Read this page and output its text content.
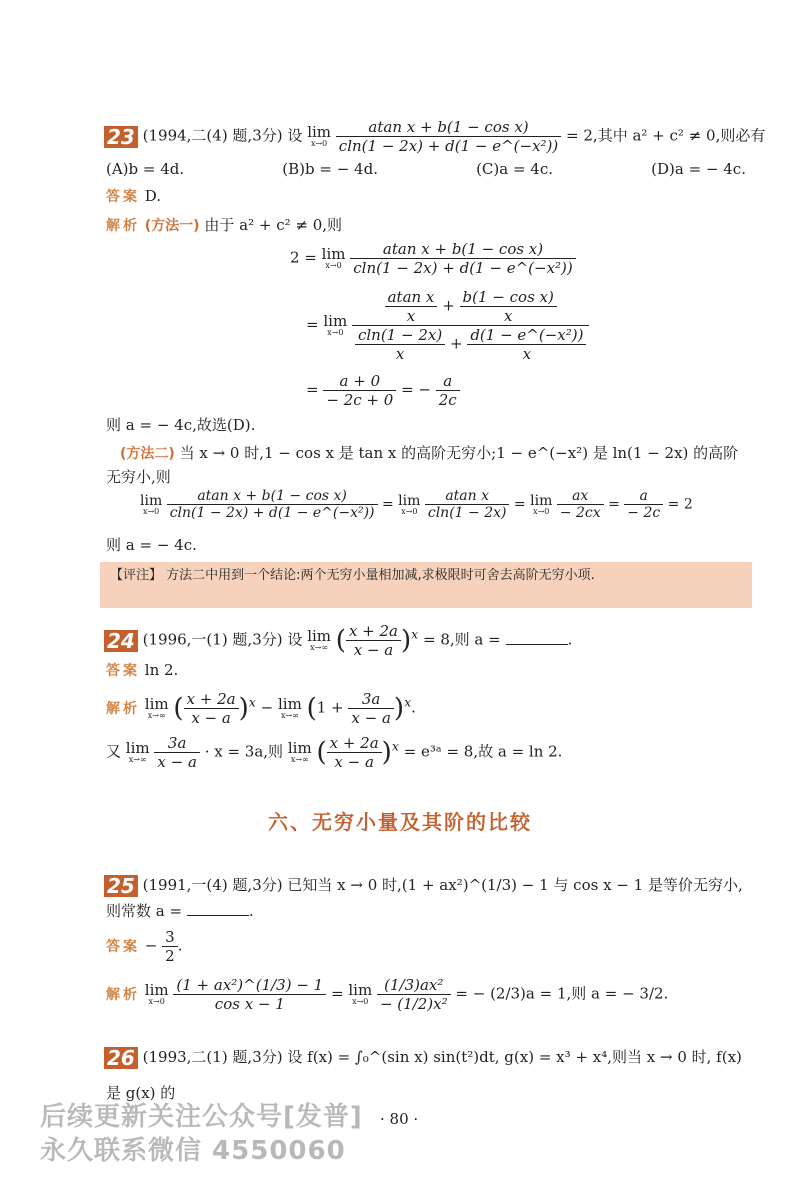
23 (1994,二(4) 题,3分) 设 lim
x→0
$\frac{\text{atan x + b(1 − cos x)}}{\text{cln(1 − 2x) + d(1 − e\textasciicircum{}(−x²))}} = 2$,其中 a² + c² ≠ 0,则必有
(A)b = 4d.	(B)b = − 4d.	(C)a = 4c.	(D)a = − 4c.
答案 D.
解析 (方法一) 由于 a² + c² ≠ 0,则
2 = lim
x→0
$\frac{\text{atan x + b(1 − cos x)}}{\text{cln(1 − 2x) + d(1 − e\textasciicircum{}(−x²))}}$
= lim
x→0
$\frac{\frac{\text{atan x}}{x} + \frac{\text{b(1 − cos x)}}{x}}{\frac{cln(1 - 2x)}{x} + \frac{\text{d(1 − e\textasciicircum{}(−x²))}}{x}}$
= $\frac{a + 0}{- 2c + 0}$ = − $\frac{a}{2c}$
则 a = − 4c,故选(D).
(方法二) 当 x → 0 时,1 − cos x 是 tan x 的高阶无穷小;1 − e^(−x²) 是 ln(1 − 2x) 的高阶
无穷小,则
lim
x→0
$\frac{\text{atan x + b(1 − cos x)}}{\text{cln(1 − 2x) + d(1 − e\textasciicircum{}(−x²))}} = \lim$
x→0
$\frac{\text{atan x}}{cln(1 - 2x)} = \lim$
x→0
$\frac{ax}{- 2cx} = \frac{a}{- 2c} = 2$
则 a = − 4c.
【评注】 方法二中用到一个结论:两个无穷小量相加减,求极限时可舍去高阶无穷小项.
24 (1996,一(1) 题,3分) 设 lim
x→∞ ( $\frac{x + 2a}{x - a} )^x = 8$,则 a =	.
答案 ln 2.
解析 lim
x→∞ ( $\frac{x + 2a}{x - a} )^x - \lim$
x→∞ $(1 + \frac{3a}{x - a} )^x$.
又 lim
x→∞
$\frac{3a}{x - a} \cdot x = 3a$,则 lim
x→∞ ( $\frac{x + 2a}{x - a} )^x$ = e³ᵃ = 8,故 a = ln 2.
六、无穷小量及其阶的比较
25 (1991,一(4) 题,3分) 已知当 x → 0 时,(1 + ax²)^(1/3) − 1 与 cos x − 1 是等价无穷小,
则常数 a =	.
答案 − $\frac{3}{2}$ .
解析 lim
x→0
$\frac{\text{(1 + ax²)\textasciicircum{}(1/3) − 1}}{\text{cos x − 1}} = \lim$
x→0
$\frac{\text{(1/3)ax²}}{\text{− (1/2)x²}}$ = − (2/3)a = 1,则 a = − 3/2.
26 (1993,二(1) 题,3分) 设 f(x) = ∫₀^(sin x) sin(t²)dt, g(x) = x³ + x⁴,则当 x → 0 时, f(x)
是 g(x) 的
· 80 ·
后续更新关注公众号[发普]
永久联系微信 4550060
